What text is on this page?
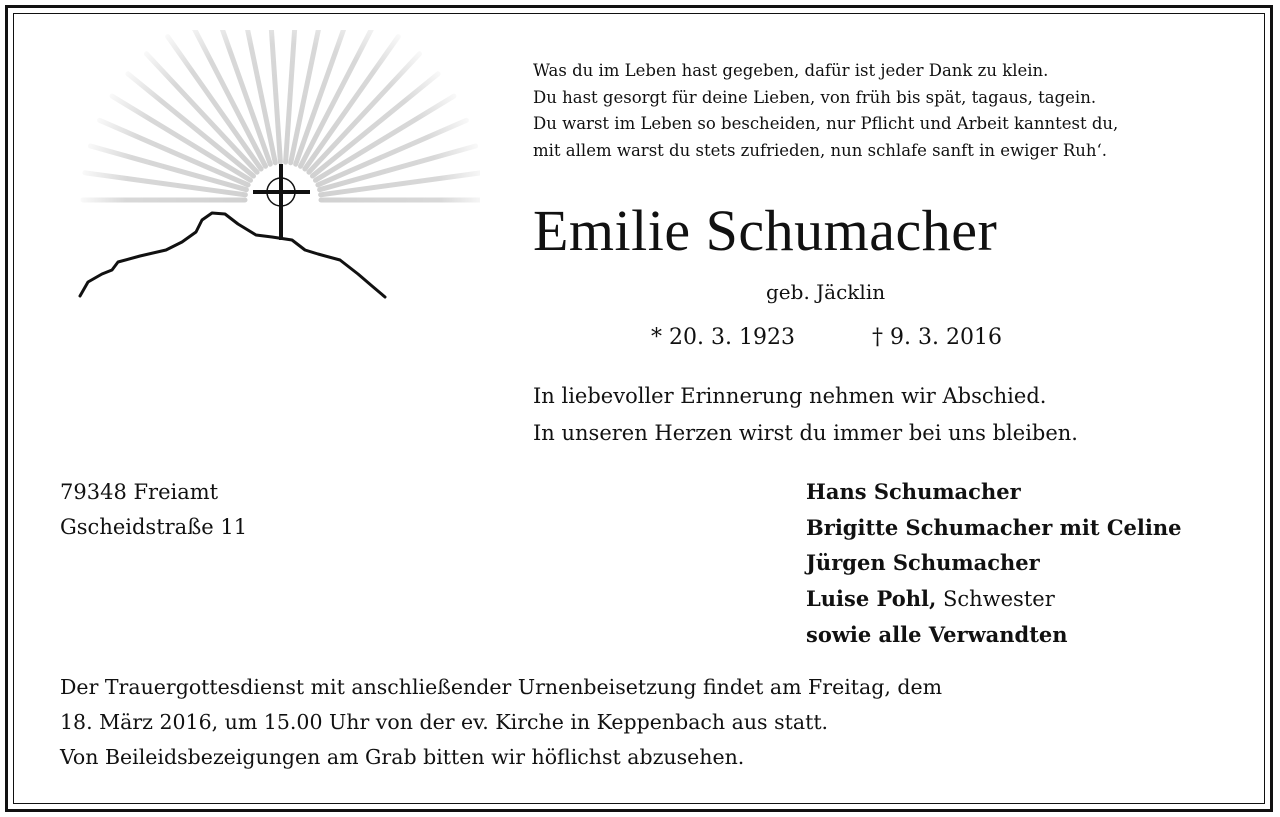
Was du im Leben hast gegeben, dafür ist jeder Dank zu klein.
Du hast gesorgt für deine Lieben, von früh bis spät, tagaus, tagein.
Du warst im Leben so bescheiden, nur Pflicht und Arbeit kanntest du,
mit allem warst du stets zufrieden, nun schlafe sanft in ewiger Ruh‘.
Emilie Schumacher
geb. Jäcklin
* 20. 3. 1923	† 9. 3. 2016
In liebevoller Erinnerung nehmen wir Abschied.
In unseren Herzen wirst du immer bei uns bleiben.
79348 Freiamt
Gscheidstraße 11
Hans Schumacher
Brigitte Schumacher mit Celine
Jürgen Schumacher
Luise Pohl, Schwester
sowie alle Verwandten
Der Trauergottesdienst mit anschließender Urnenbeisetzung findet am Freitag, dem
18. März 2016, um 15.00 Uhr von der ev. Kirche in Keppenbach aus statt.
Von Beileidsbezeigungen am Grab bitten wir höflichst abzusehen.
